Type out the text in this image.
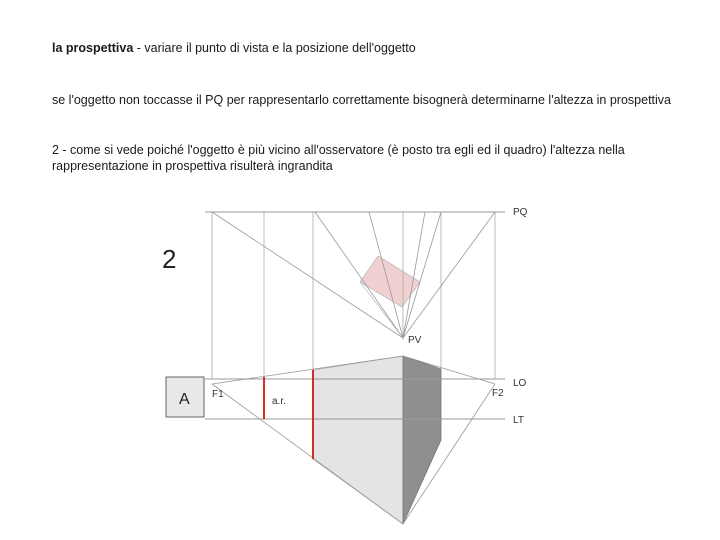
la prospettiva - variare il punto di vista e la posizione dell'oggetto
se l'oggetto non toccasse il PQ per rappresentarlo correttamente bisognerà determinarne l'altezza in prospettiva
2 - come si vede poiché l'oggetto è più vicino all'osservatore (è posto tra egli ed il quadro) l'altezza nella rappresentazione in prospettiva risulterà ingrandita
A
2
PQ
PV
LO
LT
F1	F2
a.r.
